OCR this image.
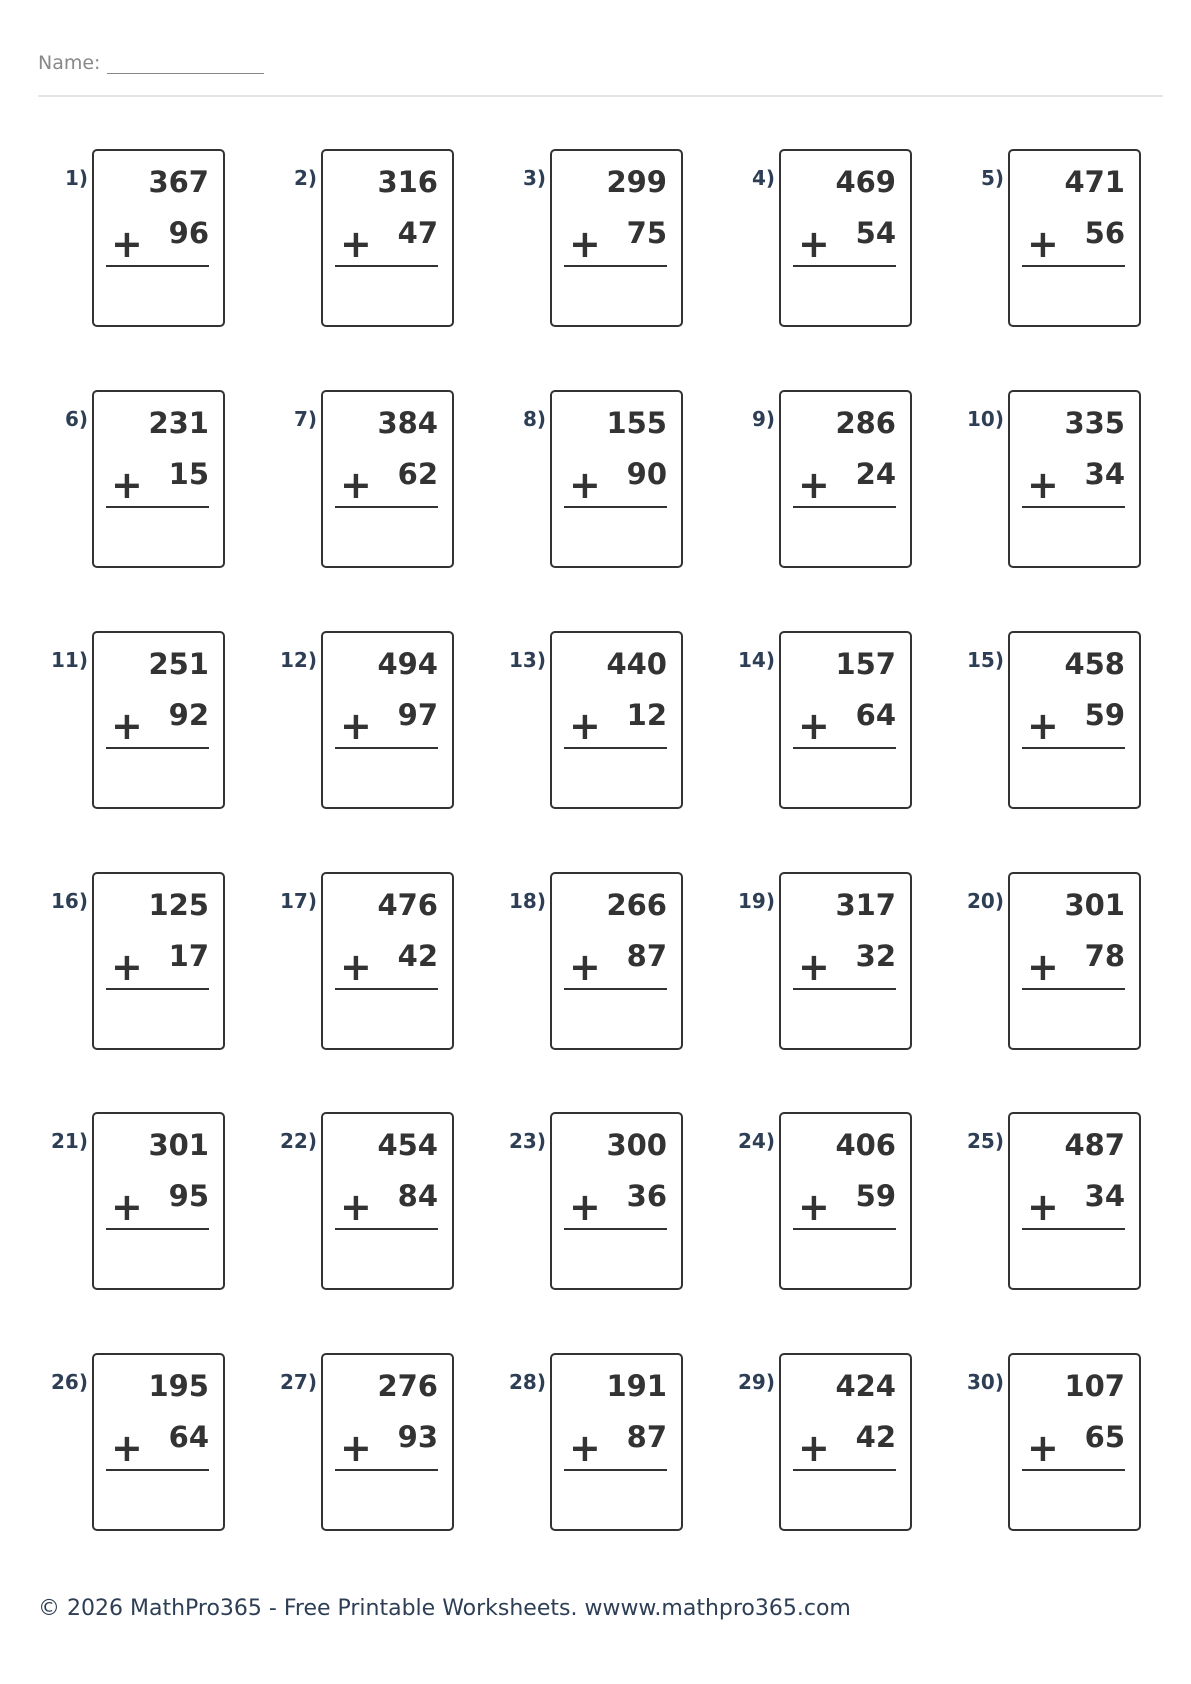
Name:
1) 367
+ 96
2) 316
+ 47
3) 299
+ 75
4) 469
+ 54
5) 471
+ 56
6) 231
+ 15
7) 384
+ 62
8) 155
+ 90
9) 286
+ 24
10) 335
+ 34
11) 251
+ 92
12) 494
+ 97
13) 440
+ 12
14) 157
+ 64
15) 458
+ 59
16) 125
+ 17
17) 476
+ 42
18) 266
+ 87
19) 317
+ 32
20) 301
+ 78
21) 301
+ 95
22) 454
+ 84
23) 300
+ 36
24) 406
+ 59
25) 487
+ 34
26) 195
+ 64
27) 276
+ 93
28) 191
+ 87
29) 424
+ 42
30) 107
+ 65
© 2026 MathPro365 - Free Printable Worksheets. wwww.mathpro365.com
